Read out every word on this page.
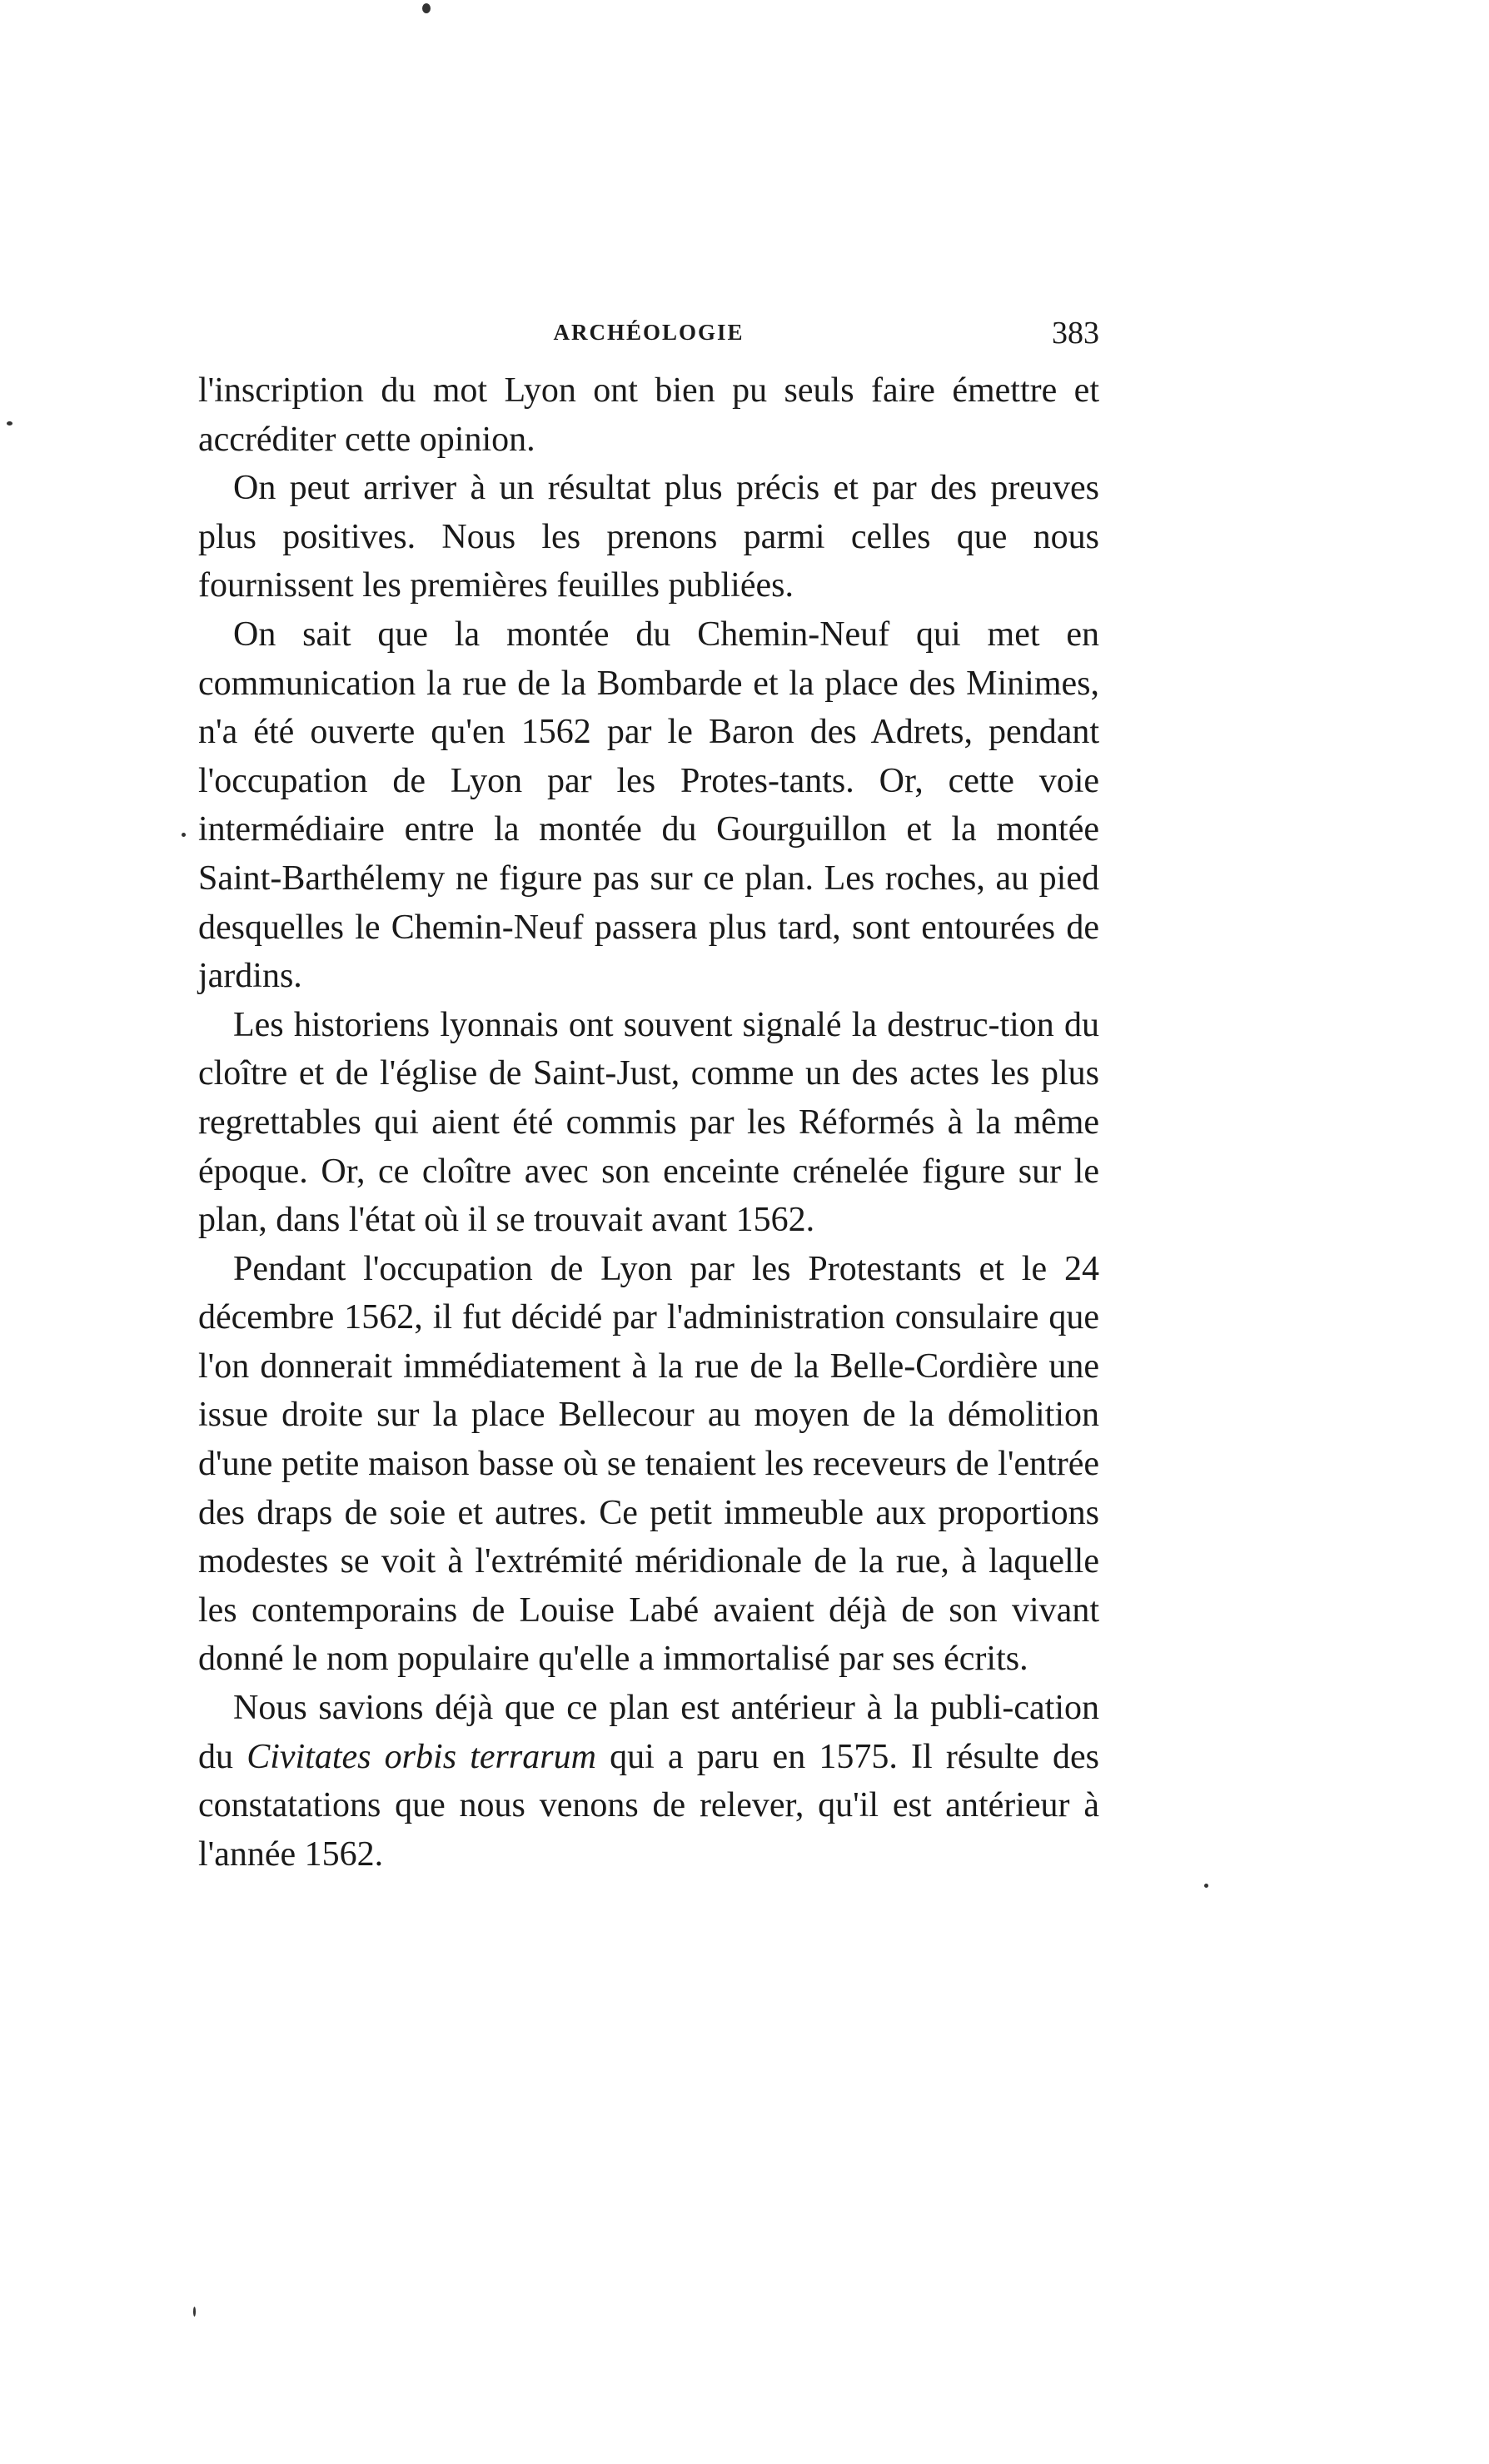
ARCHÉOLOGIE	383

l'inscription du mot Lyon ont bien pu seuls faire émettre et accréditer cette opinion.

On peut arriver à un résultat plus précis et par des preuves plus positives. Nous les prenons parmi celles que nous fournissent les premières feuilles publiées.

On sait que la montée du Chemin-Neuf qui met en communication la rue de la Bombarde et la place des Minimes, n'a été ouverte qu'en 1562 par le Baron des Adrets, pendant l'occupation de Lyon par les Protes-tants. Or, cette voie intermédiaire entre la montée du Gourguillon et la montée Saint-Barthélemy ne figure pas sur ce plan. Les roches, au pied desquelles le Chemin-Neuf passera plus tard, sont entourées de jardins.

Les historiens lyonnais ont souvent signalé la destruc-tion du cloître et de l'église de Saint-Just, comme un des actes les plus regrettables qui aient été commis par les Réformés à la même époque. Or, ce cloître avec son enceinte crénelée figure sur le plan, dans l'état où il se trouvait avant 1562.

Pendant l'occupation de Lyon par les Protestants et le 24 décembre 1562, il fut décidé par l'administration consulaire que l'on donnerait immédiatement à la rue de la Belle-Cordière une issue droite sur la place Bellecour au moyen de la démolition d'une petite maison basse où se tenaient les receveurs de l'entrée des draps de soie et autres. Ce petit immeuble aux proportions modestes se voit à l'extrémité méridionale de la rue, à laquelle les contemporains de Louise Labé avaient déjà de son vivant donné le nom populaire qu'elle a immortalisé par ses écrits.

Nous savions déjà que ce plan est antérieur à la publi-cation du Civitates orbis terrarum qui a paru en 1575. Il résulte des constatations que nous venons de relever, qu'il est antérieur à l'année 1562.
